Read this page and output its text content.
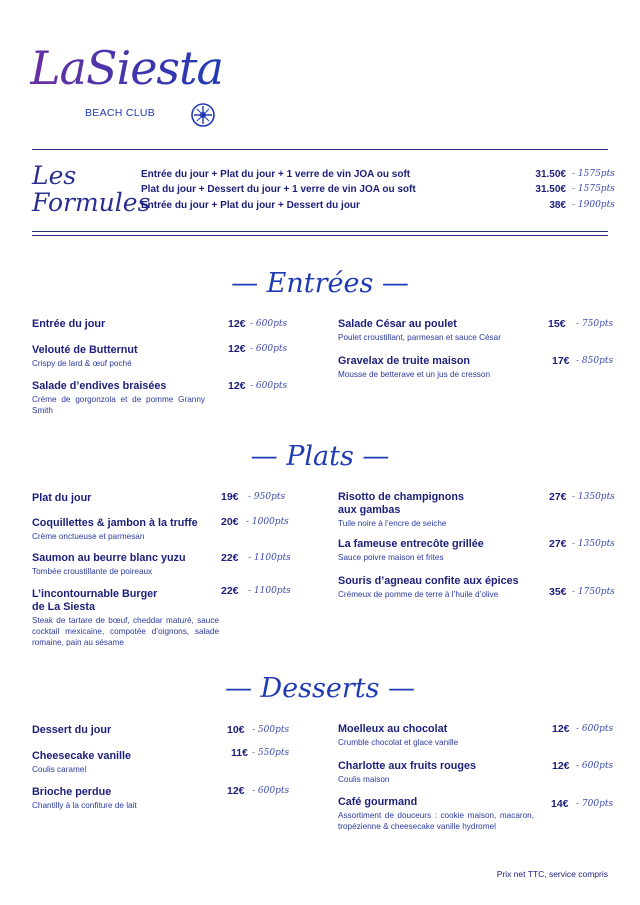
LaSiesta
BEACH CLUB
Les
Formules
Entrée du jour + Plat du jour + 1 verre de vin JOA ou soft	31.50€ - 1575pts
Plat du jour + Dessert du jour + 1 verre de vin JOA ou soft	31.50€ - 1575pts
Entrée du jour + Plat du jour + Dessert du jour	38€ - 1900pts
— Entrées —
Entrée du jour	12€ - 600pts
Velouté de Butternut
Crispy de lard & œuf poché
12€ - 600pts
Salade d’endives braisées
Crème de gorgonzola et de pomme Granny Smith
12€ - 600pts
Salade César au poulet
Poulet croustillant, parmesan et sauce César
15€ - 750pts
Gravelax de truite maison
Mousse de betterave et un jus de cresson
17€ - 850pts
— Plats —
Plat du jour	19€ - 950pts
Coquillettes & jambon à la truffe
Crème onctueuse et parmesan
20€ - 1000pts
Saumon au beurre blanc yuzu
Tombée croustillante de poireaux
22€ - 1100pts
L’incontournable Burger
de La Siesta
Steak de tartare de bœuf, cheddar maturé, sauce cocktail mexicaine, compotée d’oignons, salade romaine, pain au sésame
22€ - 1100pts
Risotto de champignons
aux gambas
Tuile noire à l’encre de seiche
27€ - 1350pts
La fameuse entrecôte grillée
Sauce poivre maison et frites
27€ - 1350pts
Souris d’agneau confite aux épices
Crémeux de pomme de terre à l’huile d’olive	35€ - 1750pts
— Desserts —
Dessert du jour	10€ - 500pts
Cheesecake vanille
Coulis caramel
11€ - 550pts
Brioche perdue
Chantilly à la confiture de lait
12€ - 600pts
Moelleux au chocolat
Crumble chocolat et glace vanille
12€ - 600pts
Charlotte aux fruits rouges
Coulis maison
12€ - 600pts
Café gourmand
Assortiment de douceurs : cookie maison, macaron, tropézienne & cheesecake vanille hydromel
14€ - 700pts
Prix net TTC, service compris
